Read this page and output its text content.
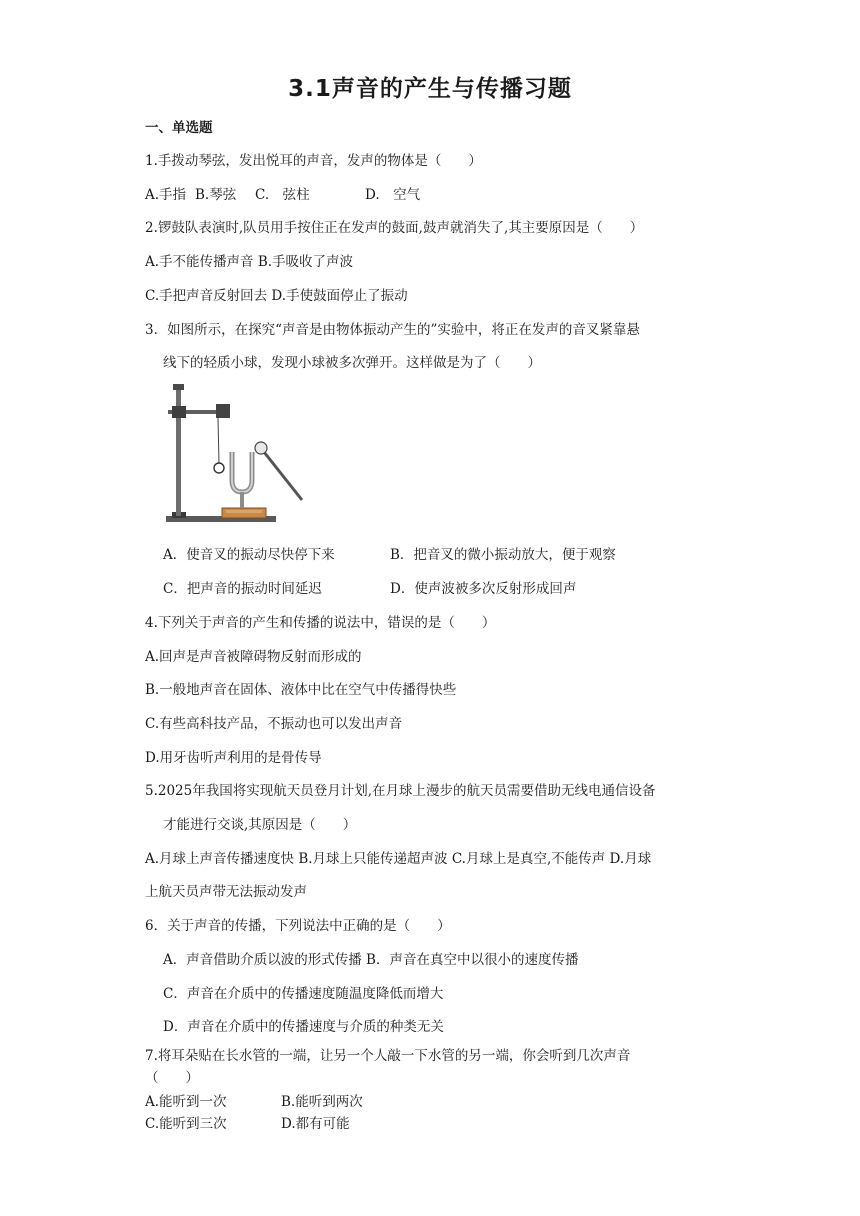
3.1声音的产生与传播习题
一、单选题
1.手拨动琴弦，发出悦耳的声音，发声的物体是（　　）
A.手指 B.琴弦 C.　弦柱	D.　空气
2.锣鼓队表演时,队员用手按住正在发声的鼓面,鼓声就消失了,其主要原因是（　　）
A.手不能传播声音 B.手吸收了声波
C.手把声音反射回去 D.手使鼓面停止了振动
3．如图所示，在探究“声音是由物体振动产生的”实验中，将正在发声的音叉紧靠悬
线下的轻质小球，发现小球被多次弹开。这样做是为了（　　）
A．使音叉的振动尽快停下来	B．把音叉的微小振动放大，便于观察
C．把声音的振动时间延迟	D．使声波被多次反射形成回声
4.下列关于声音的产生和传播的说法中，错误的是（　　）
A.回声是声音被障碍物反射而形成的
B.一般地声音在固体、液体中比在空气中传播得快些
C.有些高科技产品，不振动也可以发出声音
D.用牙齿听声利用的是骨传导
5.2025年我国将实现航天员登月计划,在月球上漫步的航天员需要借助无线电通信设备
才能进行交谈,其原因是（　　）
A.月球上声音传播速度快 B.月球上只能传递超声波 C.月球上是真空,不能传声 D.月球
上航天员声带无法振动发声
6．关于声音的传播，下列说法中正确的是（　　）
A．声音借助介质以波的形式传播 B．声音在真空中以很小的速度传播
C．声音在介质中的传播速度随温度降低而增大
D．声音在介质中的传播速度与介质的种类无关
7.将耳朵贴在长水管的一端，让另一个人敲一下水管的另一端，你会听到几次声音
（　　）
A.能听到一次	B.能听到两次
C.能听到三次	D.都有可能
